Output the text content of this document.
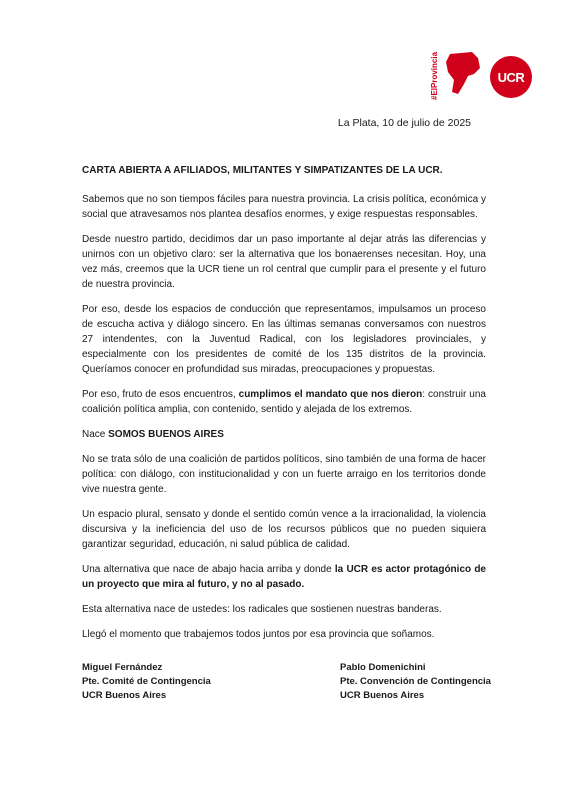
#ElProvincia	UCR
La Plata, 10 de julio de 2025

CARTA ABIERTA A AFILIADOS, MILITANTES Y SIMPATIZANTES DE LA UCR.

Sabemos que no son tiempos fáciles para nuestra provincia. La crisis política, económica y social que atravesamos nos plantea desafíos enormes, y exige respuestas responsables.

Desde nuestro partido, decidimos dar un paso importante al dejar atrás las diferencias y unirnos con un objetivo claro: ser la alternativa que los bonaerenses necesitan. Hoy, una vez más, creemos que la UCR tiene un rol central que cumplir para el presente y el futuro de nuestra provincia.

Por eso, desde los espacios de conducción que representamos, impulsamos un proceso de escucha activa y diálogo sincero. En las últimas semanas conversamos con nuestros 27 intendentes, con la Juventud Radical, con los legisladores provinciales, y especialmente con los presidentes de comité de los 135 distritos de la provincia. Queríamos conocer en profundidad sus miradas, preocupaciones y propuestas.

Por eso, fruto de esos encuentros, cumplimos el mandato que nos dieron: construir una coalición política amplia, con contenido, sentido y alejada de los extremos.

Nace SOMOS BUENOS AIRES

No se trata sólo de una coalición de partidos políticos, sino también de una forma de hacer política: con diálogo, con institucionalidad y con un fuerte arraigo en los territorios donde vive nuestra gente.

Un espacio plural, sensato y donde el sentido común vence a la irracionalidad, la violencia discursiva y la ineficiencia del uso de los recursos públicos que no pueden siquiera garantizar seguridad, educación, ni salud pública de calidad.

Una alternativa que nace de abajo hacia arriba y donde la UCR es actor protagónico de un proyecto que mira al futuro, y no al pasado.

Esta alternativa nace de ustedes: los radicales que sostienen nuestras banderas.

Llegó el momento que trabajemos todos juntos por esa provincia que soñamos.

Miguel Fernández
Pte. Comité de Contingencia
UCR Buenos Aires
Pablo Domenichini
Pte. Convención de Contingencia
UCR Buenos Aires
